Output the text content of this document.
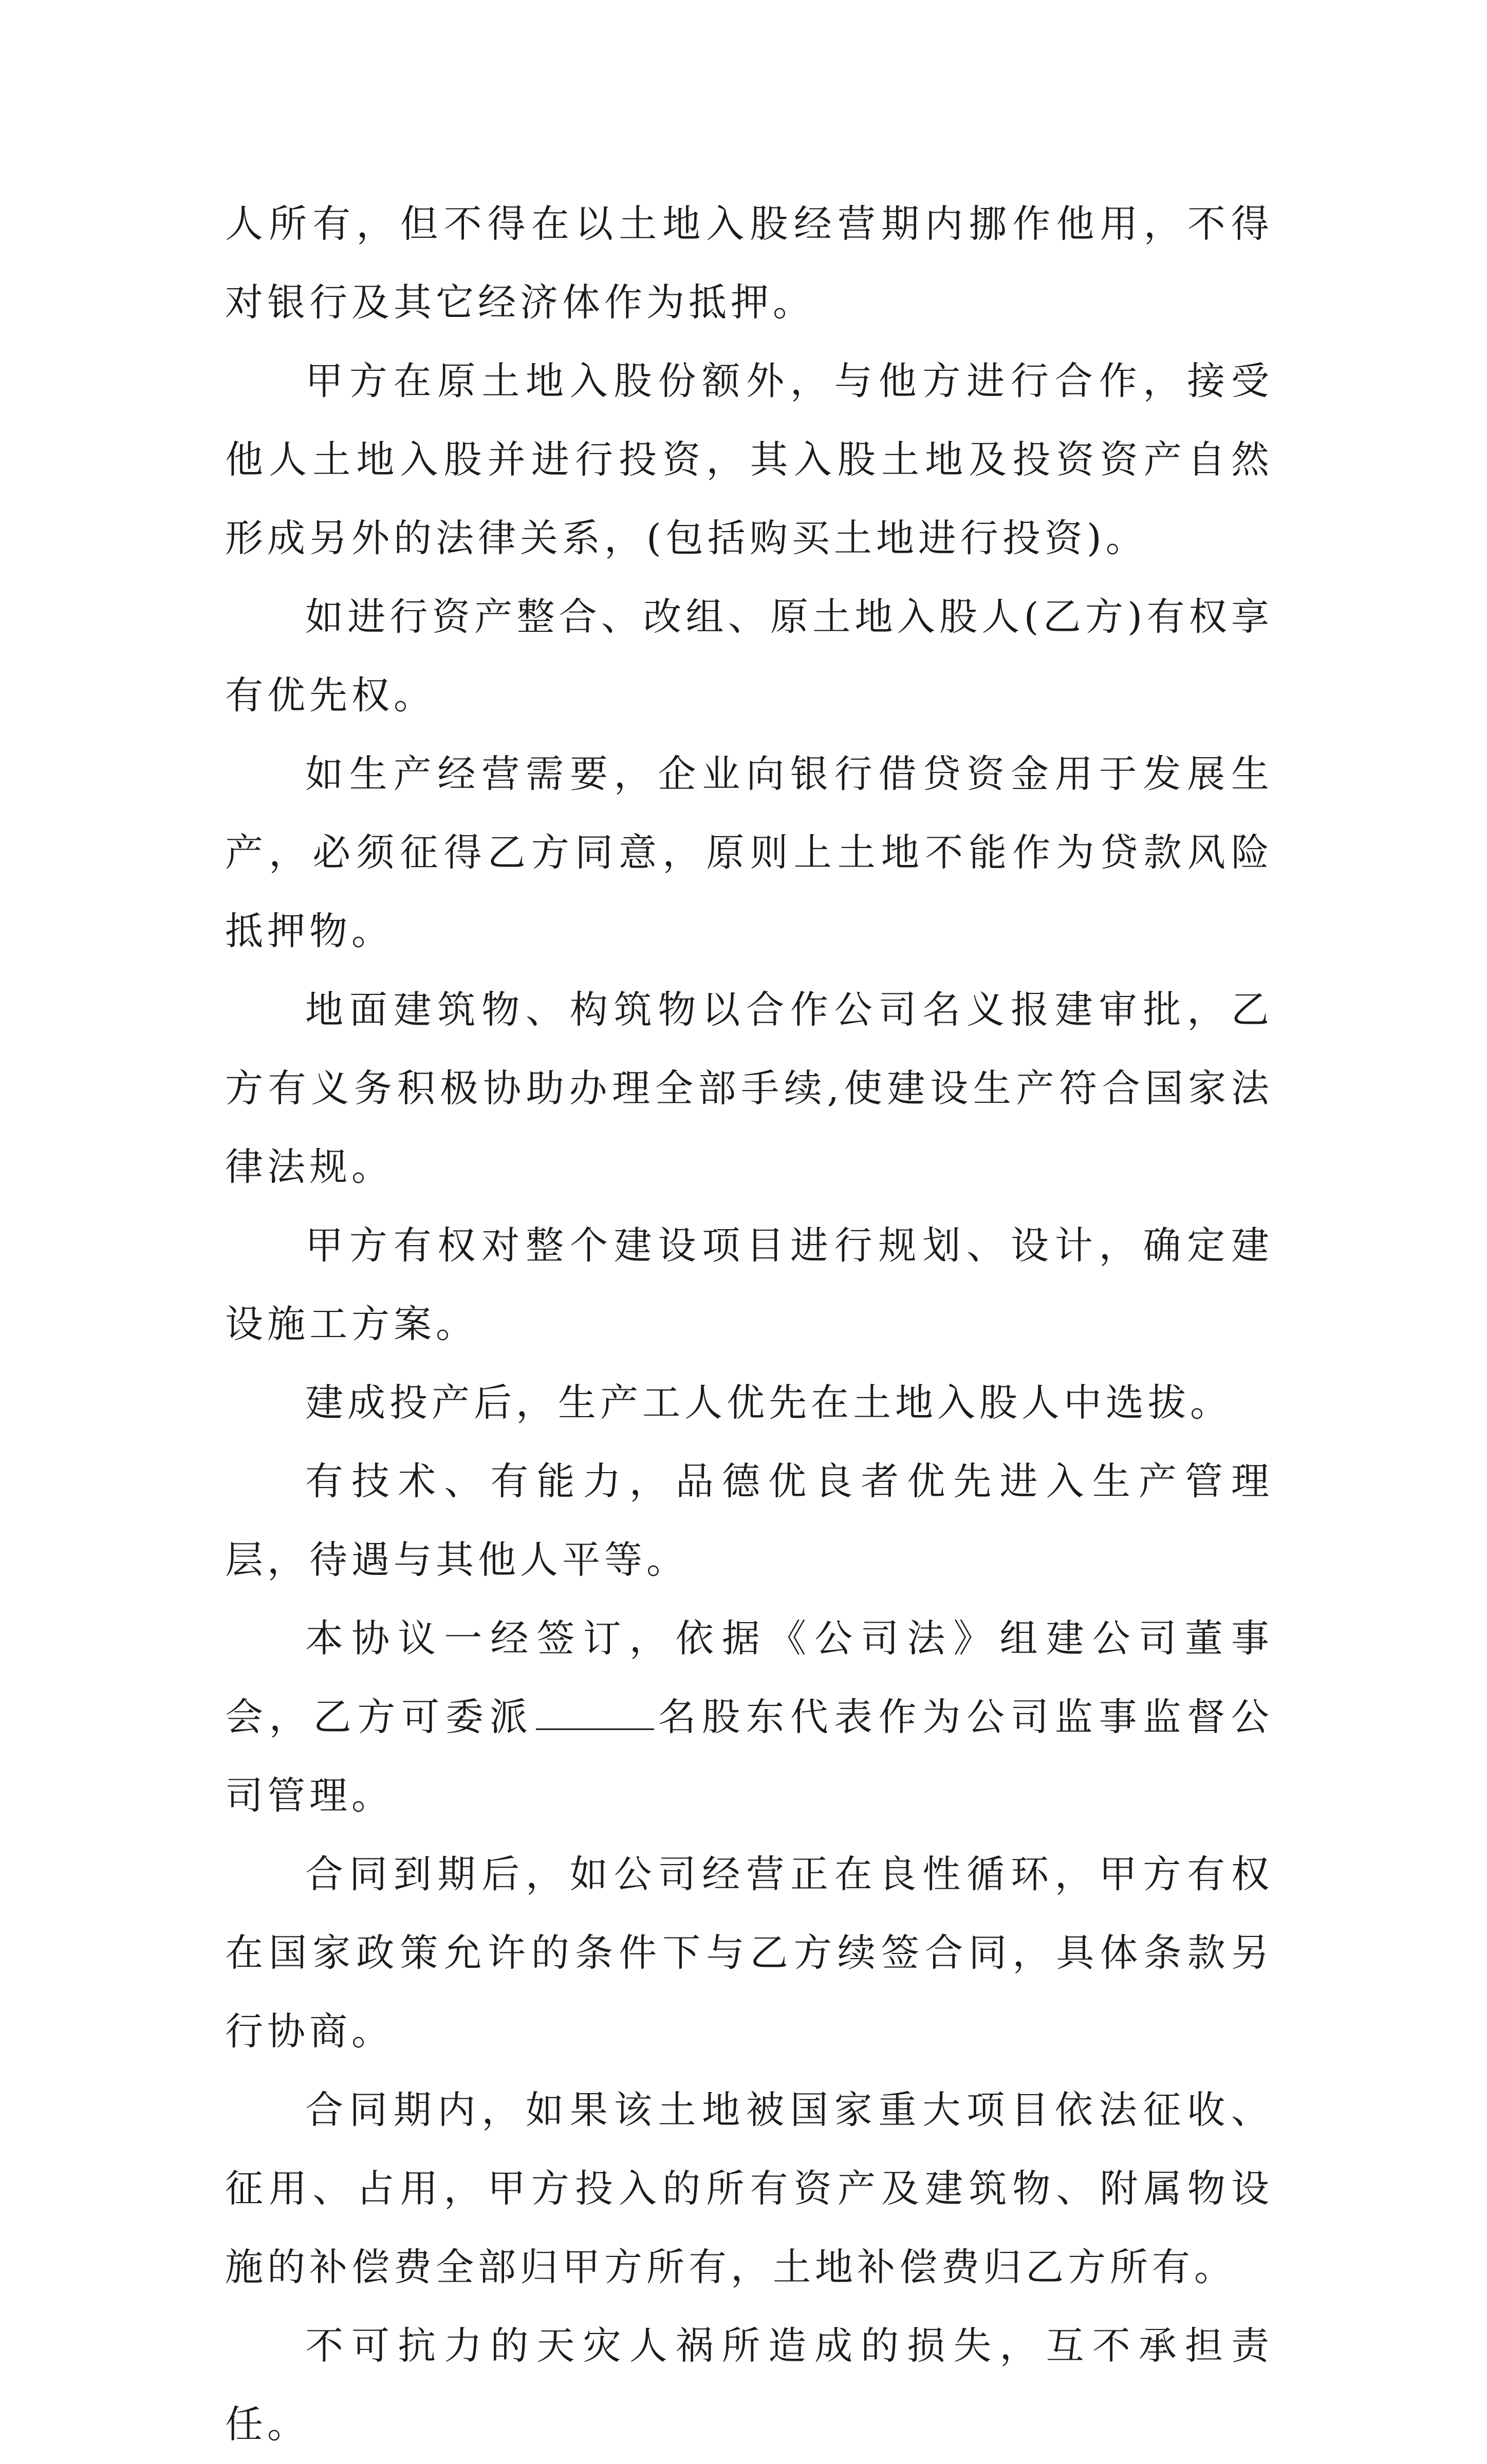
人所有，但不得在以土地入股经营期内挪作他用，不得对银行及其它经济体作为抵押。

甲方在原土地入股份额外，与他方进行合作，接受他人土地入股并进行投资，其入股土地及投资资产自然形成另外的法律关系，(包括购买土地进行投资)。

如进行资产整合、改组、原土地入股人(乙方)有权享有优先权。

如生产经营需要，企业向银行借贷资金用于发展生产，必须征得乙方同意，原则上土地不能作为贷款风险抵押物。

地面建筑物、构筑物以合作公司名义报建审批，乙方有义务积极协助办理全部手续,使建设生产符合国家法律法规。

甲方有权对整个建设项目进行规划、设计，确定建设施工方案。

建成投产后，生产工人优先在土地入股人中选拔。

有技术、有能力，品德优良者优先进入生产管理层，待遇与其他人平等。

本协议一经签订，依据《公司法》组建公司董事会，乙方可委派	名股东代表作为公司监事监督公司管理。

合同到期后，如公司经营正在良性循环，甲方有权在国家政策允许的条件下与乙方续签合同，具体条款另行协商。

合同期内，如果该土地被国家重大项目依法征收、征用、占用，甲方投入的所有资产及建筑物、附属物设施的补偿费全部归甲方所有，土地补偿费归乙方所有。

不可抗力的天灾人祸所造成的损失，互不承担责任。
